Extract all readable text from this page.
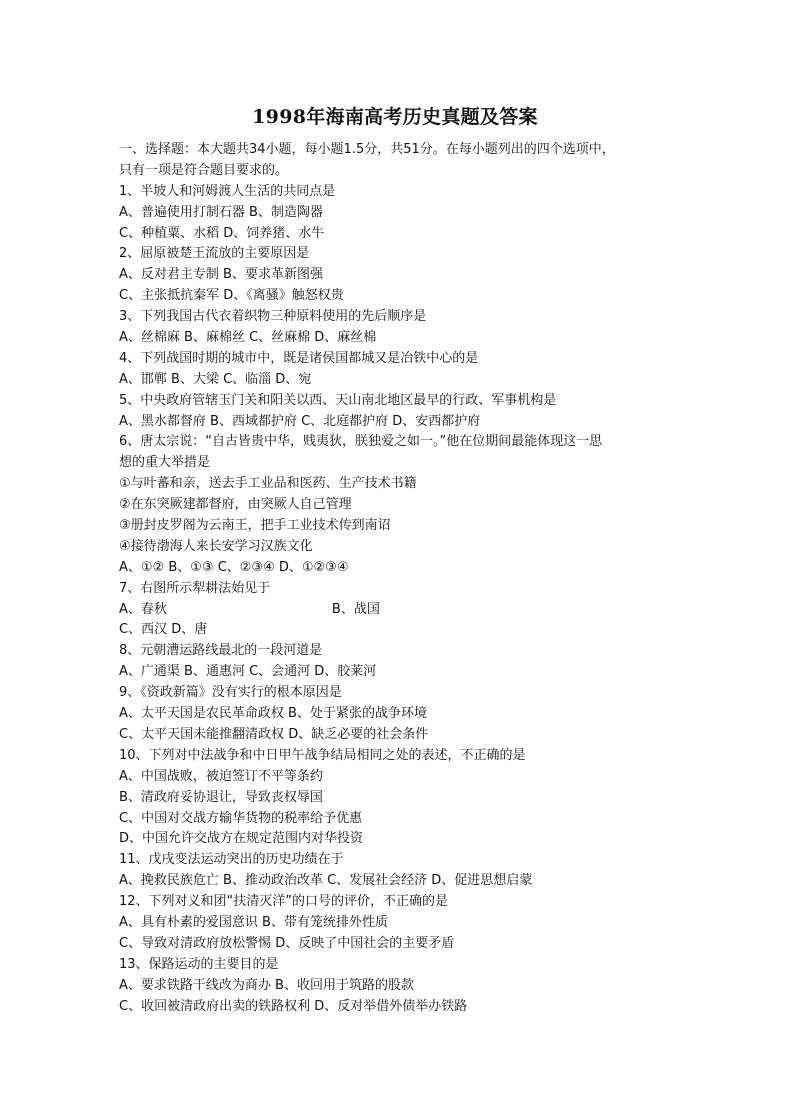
1998年海南高考历史真题及答案
一、选择题：本大题共34小题，每小题1.5分，共51分。在每小题列出的四个选项中，
只有一项是符合题目要求的。
1、半坡人和河姆渡人生活的共同点是
A、普遍使用打制石器 B、制造陶器
C、种植粟、水稻 D、饲养猪、水牛
2、屈原被楚王流放的主要原因是
A、反对君主专制 B、要求革新图强
C、主张抵抗秦军 D、《离骚》触怒权贵
3、下列我国古代衣着织物三种原料使用的先后顺序是
A、丝棉麻 B、麻棉丝 C、丝麻棉 D、麻丝棉
4、下列战国时期的城市中，既是诸侯国都城又是冶铁中心的是
A、邯郸 B、大梁 C、临淄 D、宛
5、中央政府管辖玉门关和阳关以西、天山南北地区最早的行政、军事机构是
A、黑水都督府 B、西域都护府 C、北庭都护府 D、安西都护府
6、唐太宗说：“自古皆贵中华，贱夷狄，朕独爱之如一。”他在位期间最能体现这一思
想的重大举措是
①与叶蕃和亲，送去手工业品和医药、生产技术书籍
②在东突厥建都督府，由突厥人自己管理
③册封皮罗阁为云南王，把手工业技术传到南诏
④接待渤海人来长安学习汉族文化
A、①② B、①③ C、②③④ D、①②③④
7、右图所示犁耕法始见于
A、春秋	B、战国
C、西汉 D、唐
8、元朝漕运路线最北的一段河道是
A、广通渠 B、通惠河 C、会通河 D、胶莱河
9、《资政新篇》没有实行的根本原因是
A、太平天国是农民革命政权 B、处于紧张的战争环境
C、太平天国未能推翻清政权 D、缺乏必要的社会条件
10、下列对中法战争和中日甲午战争结局相同之处的表述，不正确的是
A、中国战败，被迫签订不平等条约
B、清政府妥协退让，导致丧权辱国
C、中国对交战方输华货物的税率给予优惠
D、中国允许交战方在规定范围内对华投资
11、戊戌变法运动突出的历史功绩在于
A、挽救民族危亡 B、推动政治改革 C、发展社会经济 D、促进思想启蒙
12、下列对义和团“扶清灭洋”的口号的评价，不正确的是
A、具有朴素的爱国意识 B、带有笼统排外性质
C、导致对清政府放松警惕 D、反映了中国社会的主要矛盾
13、保路运动的主要目的是
A、要求铁路干线改为商办 B、收回用于筑路的股款
C、收回被清政府出卖的铁路权利 D、反对举借外债举办铁路
